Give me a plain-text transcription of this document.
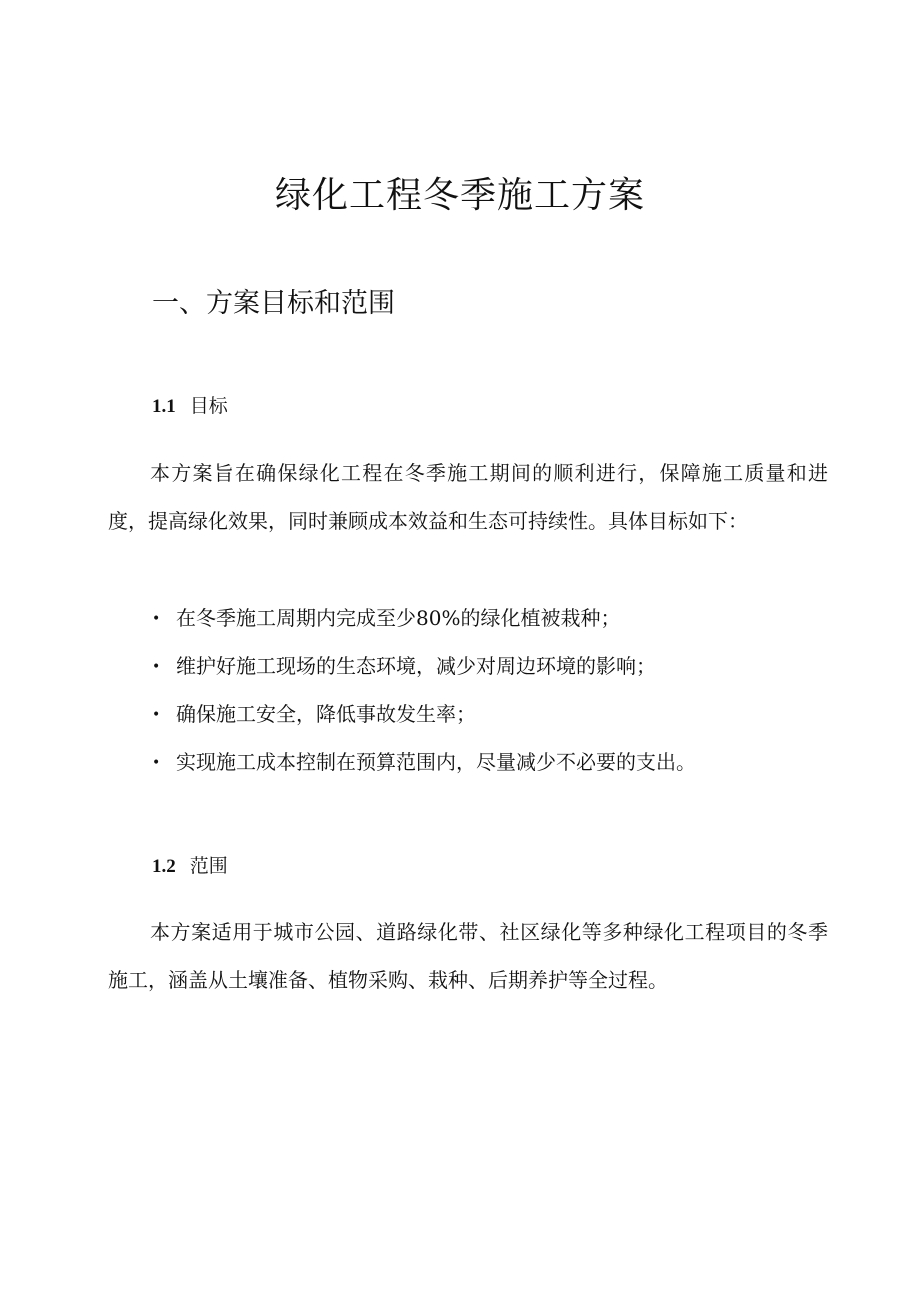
绿化工程冬季施工方案
一、方案目标和范围
1.1 目标

本方案旨在确保绿化工程在冬季施工期间的顺利进行，保障施工质量和进度，提高绿化效果，同时兼顾成本效益和生态可持续性。具体目标如下：

• 在冬季施工周期内完成至少80%的绿化植被栽种；
• 维护好施工现场的生态环境，减少对周边环境的影响；
• 确保施工安全，降低事故发生率；
• 实现施工成本控制在预算范围内，尽量减少不必要的支出。
1.2 范围

本方案适用于城市公园、道路绿化带、社区绿化等多种绿化工程项目的冬季施工，涵盖从土壤准备、植物采购、栽种、后期养护等全过程。
